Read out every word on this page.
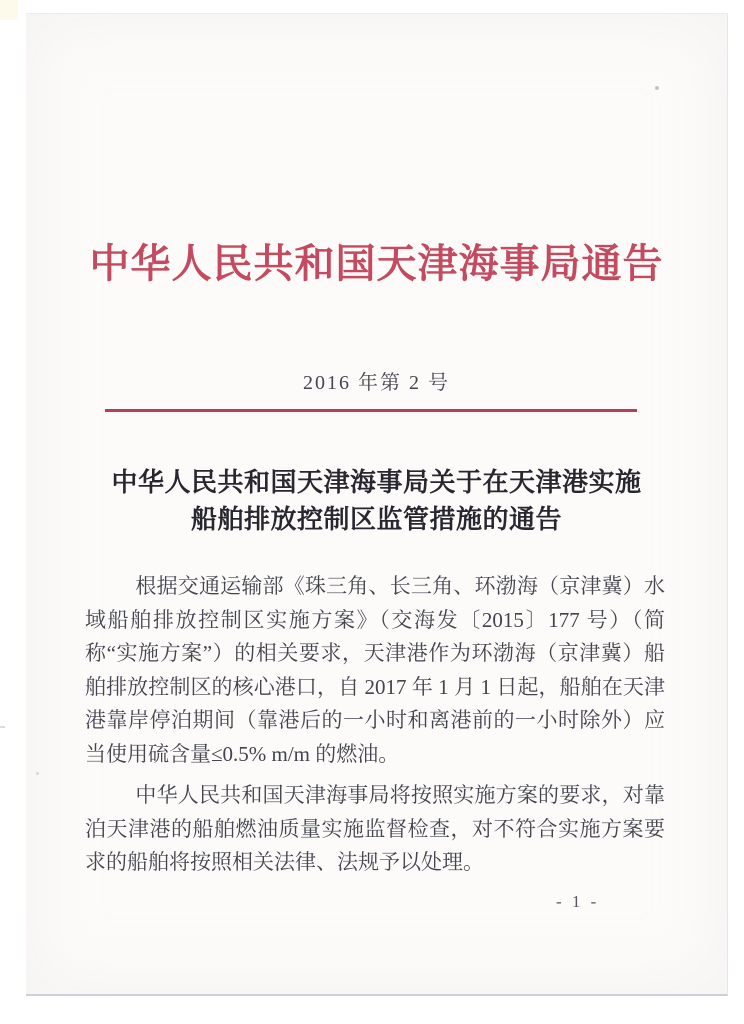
中华人民共和国天津海事局通告
2016 年第 2 号
中华人民共和国天津海事局关于在天津港实施
船舶排放控制区监管措施的通告

根据交通运输部《珠三角、长三角、环渤海（京津冀）水域船舶排放控制区实施方案》（交海发〔2015〕177 号）（简称“实施方案”）的相关要求，天津港作为环渤海（京津冀）船舶排放控制区的核心港口，自 2017 年 1 月 1 日起，船舶在天津港靠岸停泊期间（靠港后的一小时和离港前的一小时除外）应当使用硫含量≤0.5% m/m 的燃油。

中华人民共和国天津海事局将按照实施方案的要求，对靠泊天津港的船舶燃油质量实施监督检查，对不符合实施方案要求的船舶将按照相关法律、法规予以处理。

- 1 -
